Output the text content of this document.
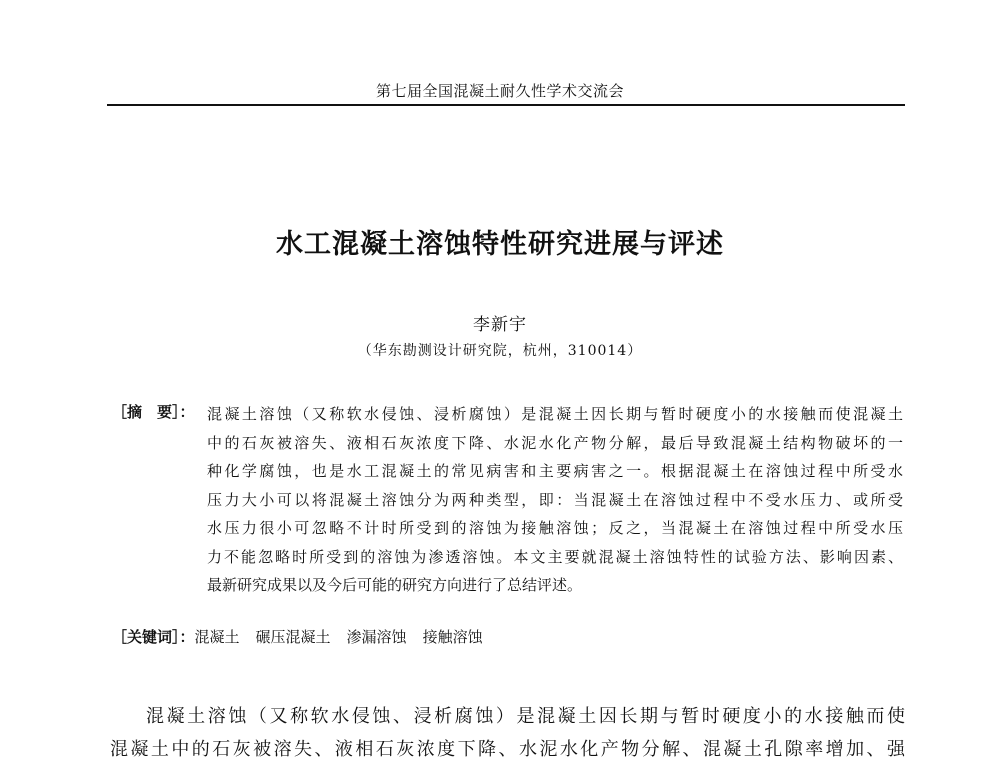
第七届全国混凝土耐久性学术交流会
水工混凝土溶蚀特性研究进展与评述
李新宇
（华东勘测设计研究院，杭州，310014）
［摘　要］： 混凝土溶蚀（又称软水侵蚀、浸析腐蚀）是混凝土因长期与暂时硬度小的水接触而使混凝土
中的石灰被溶失、液相石灰浓度下降、水泥水化产物分解，最后导致混凝土结构物破坏的一
种化学腐蚀，也是水工混凝土的常见病害和主要病害之一。根据混凝土在溶蚀过程中所受水
压力大小可以将混凝土溶蚀分为两种类型，即：当混凝土在溶蚀过程中不受水压力、或所受
水压力很小可忽略不计时所受到的溶蚀为接触溶蚀；反之，当混凝土在溶蚀过程中所受水压
力不能忽略时所受到的溶蚀为渗透溶蚀。本文主要就混凝土溶蚀特性的试验方法、影响因素、
最新研究成果以及今后可能的研究方向进行了总结评述。
［关键词］：混凝土 碾压混凝土 渗漏溶蚀 接触溶蚀
混凝土溶蚀（又称软水侵蚀、浸析腐蚀）是混凝土因长期与暂时硬度小的水接触而使
混凝土中的石灰被溶失、液相石灰浓度下降、水泥水化产物分解、混凝土孔隙率增加、强
